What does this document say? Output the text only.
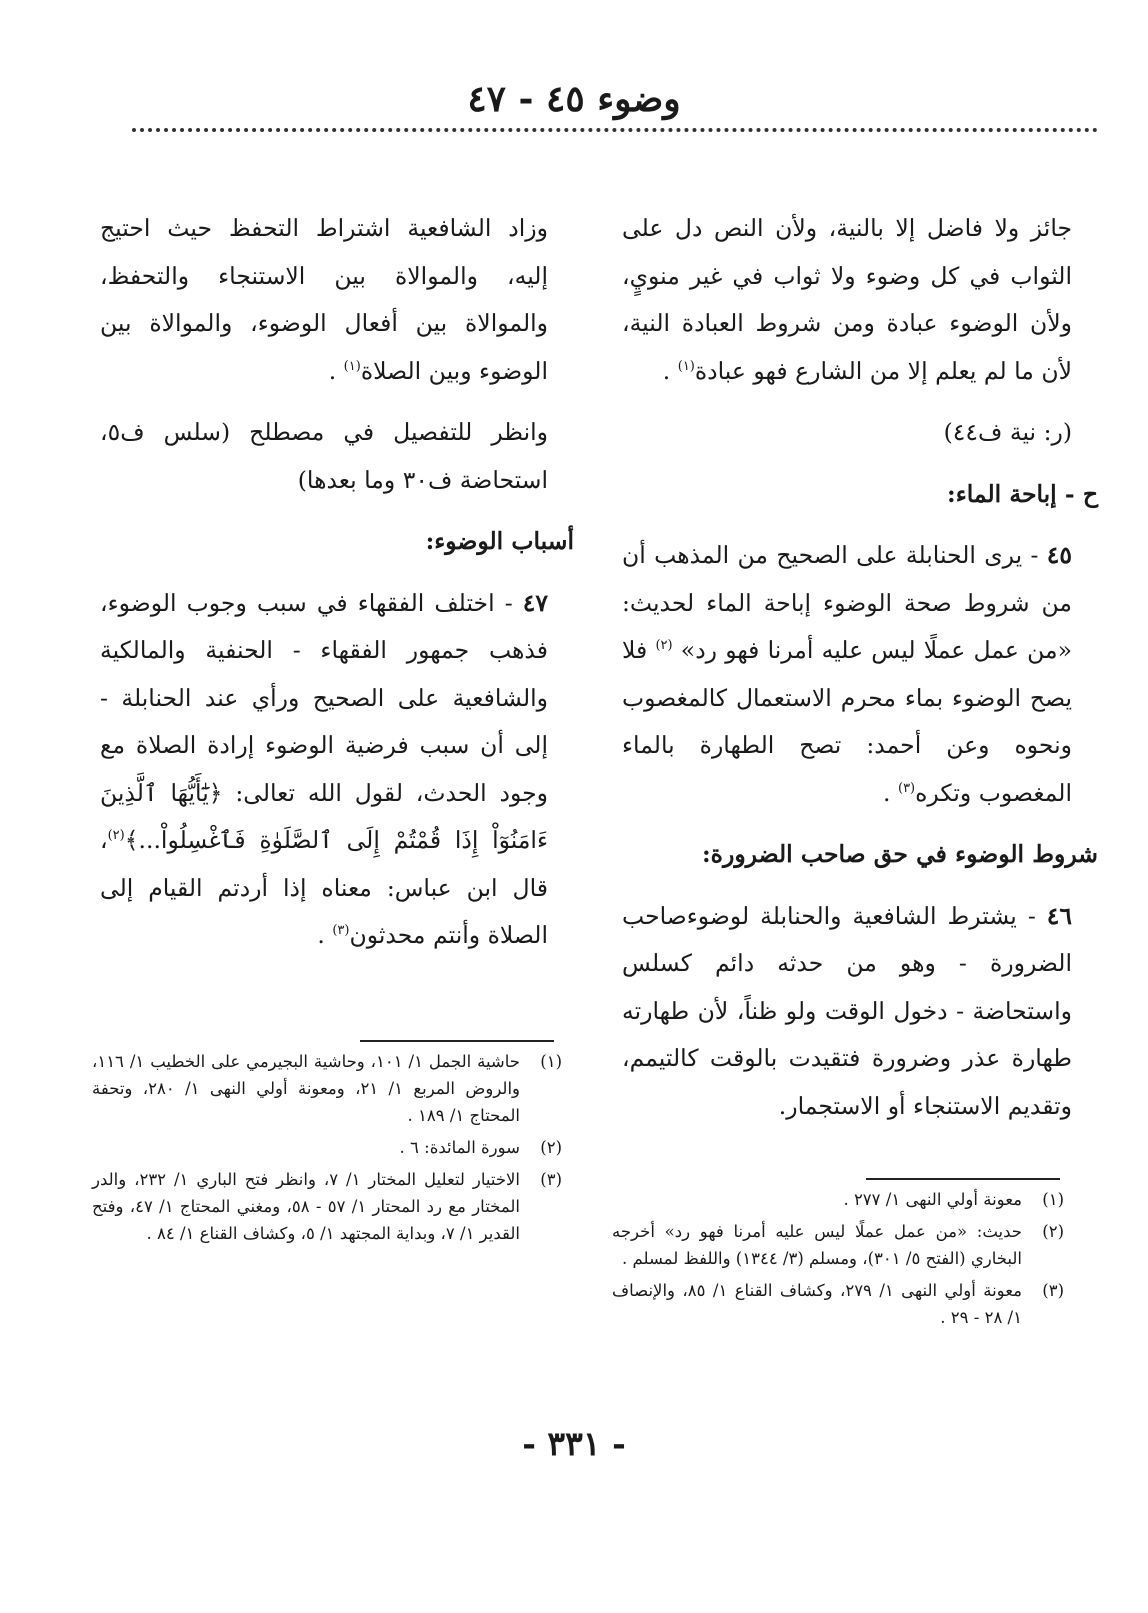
وضوء ٤٥ - ٤٧

جائز ولا فاضل إلا بالنية، ولأن النص دل على الثواب في كل وضوء ولا ثواب في غير منويٍ، ولأن الوضوء عبادة ومن شروط العبادة النية، لأن ما لم يعلم إلا من الشارع فهو عبادة$^{(١)}$ .

(ر: نية ف٤٤)

ح - إباحة الماء:

٤٥ - يرى الحنابلة على الصحيح من المذهب أن من شروط صحة الوضوء إباحة الماء لحديث: «من عمل عملًا ليس عليه أمرنا فهو رد» $^{(٢)}$ فلا يصح الوضوء بماء محرم الاستعمال كالمغصوب ونحوه وعن أحمد: تصح الطهارة بالماء المغصوب وتكره$^{(٣)}$ .

شروط الوضوء في حق صاحب الضرورة:

٤٦ - يشترط الشافعية والحنابلة لوضوءصاحب الضرورة - وهو من حدثه دائم كسلس واستحاضة - دخول الوقت ولو ظناً، لأن طهارته طهارة عذر وضرورة فتقيدت بالوقت كالتيمم، وتقديم الاستنجاء أو الاستجمار.

وزاد الشافعية اشتراط التحفظ حيث احتيج إليه، والموالاة بين الاستنجاء والتحفظ، والموالاة بين أفعال الوضوء، والموالاة بين الوضوء وبين الصلاة$^{(١)}$ .

وانظر للتفصيل في مصطلح (سلس ف٥، استحاضة ف٣٠ وما بعدها)

أسباب الوضوء:

٤٧ - اختلف الفقهاء في سبب وجوب الوضوء، فذهب جمهور الفقهاء - الحنفية والمالكية والشافعية على الصحيح ورأي عند الحنابلة - إلى أن سبب فرضية الوضوء إرادة الصلاة مع وجود الحدث، لقول الله تعالى: ﴿يَٰٓأَيُّهَا ٱلَّذِينَ ءَامَنُوٓاْ إِذَا قُمْتُمْ إِلَى ٱلصَّلَوٰةِ فَٱغْسِلُواْ...﴾$^{(٢)}$، قال ابن عباس: معناه إذا أردتم القيام إلى الصلاة وأنتم محدثون$^{(٣)}$ .

(١)
معونة أولي النهى ١/ ٢٧٧ .
(٢)
حديث: «من عمل عملًا ليس عليه أمرنا فهو رد» أخرجه البخاري (الفتح ٥/ ٣٠١)، ومسلم (٣/ ١٣٤٤) واللفظ لمسلم .
(٣)
معونة أولي النهى ١/ ٢٧٩، وكشاف القناع ١/ ٨٥، والإنصاف ١/ ٢٨ - ٢٩ .
(١)
حاشية الجمل ١/ ١٠١، وحاشية البجيرمي على الخطيب ١/ ١١٦، والروض المربع ١/ ٢١، ومعونة أولي النهى ١/ ٢٨٠، وتحفة المحتاج ١/ ١٨٩ .
(٢)
سورة المائدة: ٦ .
(٣)
الاختيار لتعليل المختار ١/ ٧، وانظر فتح الباري ١/ ٢٣٢، والدر المختار مع رد المحتار ١/ ٥٧ - ٥٨، ومغني المحتاج ١/ ٤٧، وفتح القدير ١/ ٧، وبداية المجتهد ١/ ٥، وكشاف القناع ١/ ٨٤ .
- ٣٣١ -
